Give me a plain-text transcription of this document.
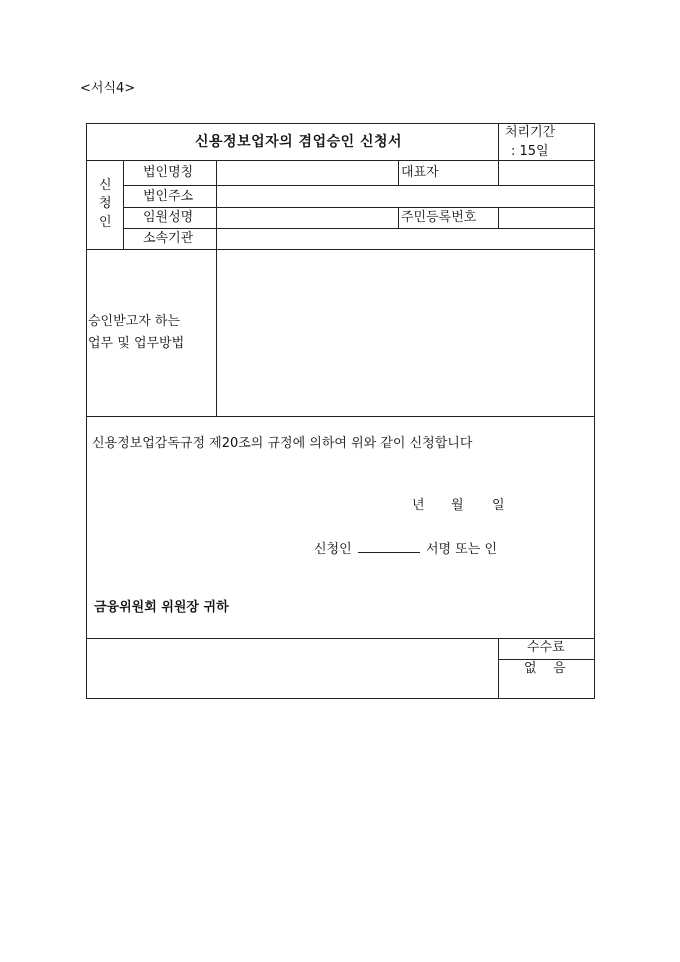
<서식4>
신용정보업자의 겸업승인 신청서
처리기간
: 15일
신
청
인
법인명칭
법인주소
임원성명
소속기관
대표자
주민등록번호
승인받고자 하는
업무 및 업무방법
신용정보업감독규정 제20조의 규정에 의하여 위와 같이 신청합니다
년 월 일
신청인	서명 또는 인
금융위원회 위원장 귀하
수수료
없    음
